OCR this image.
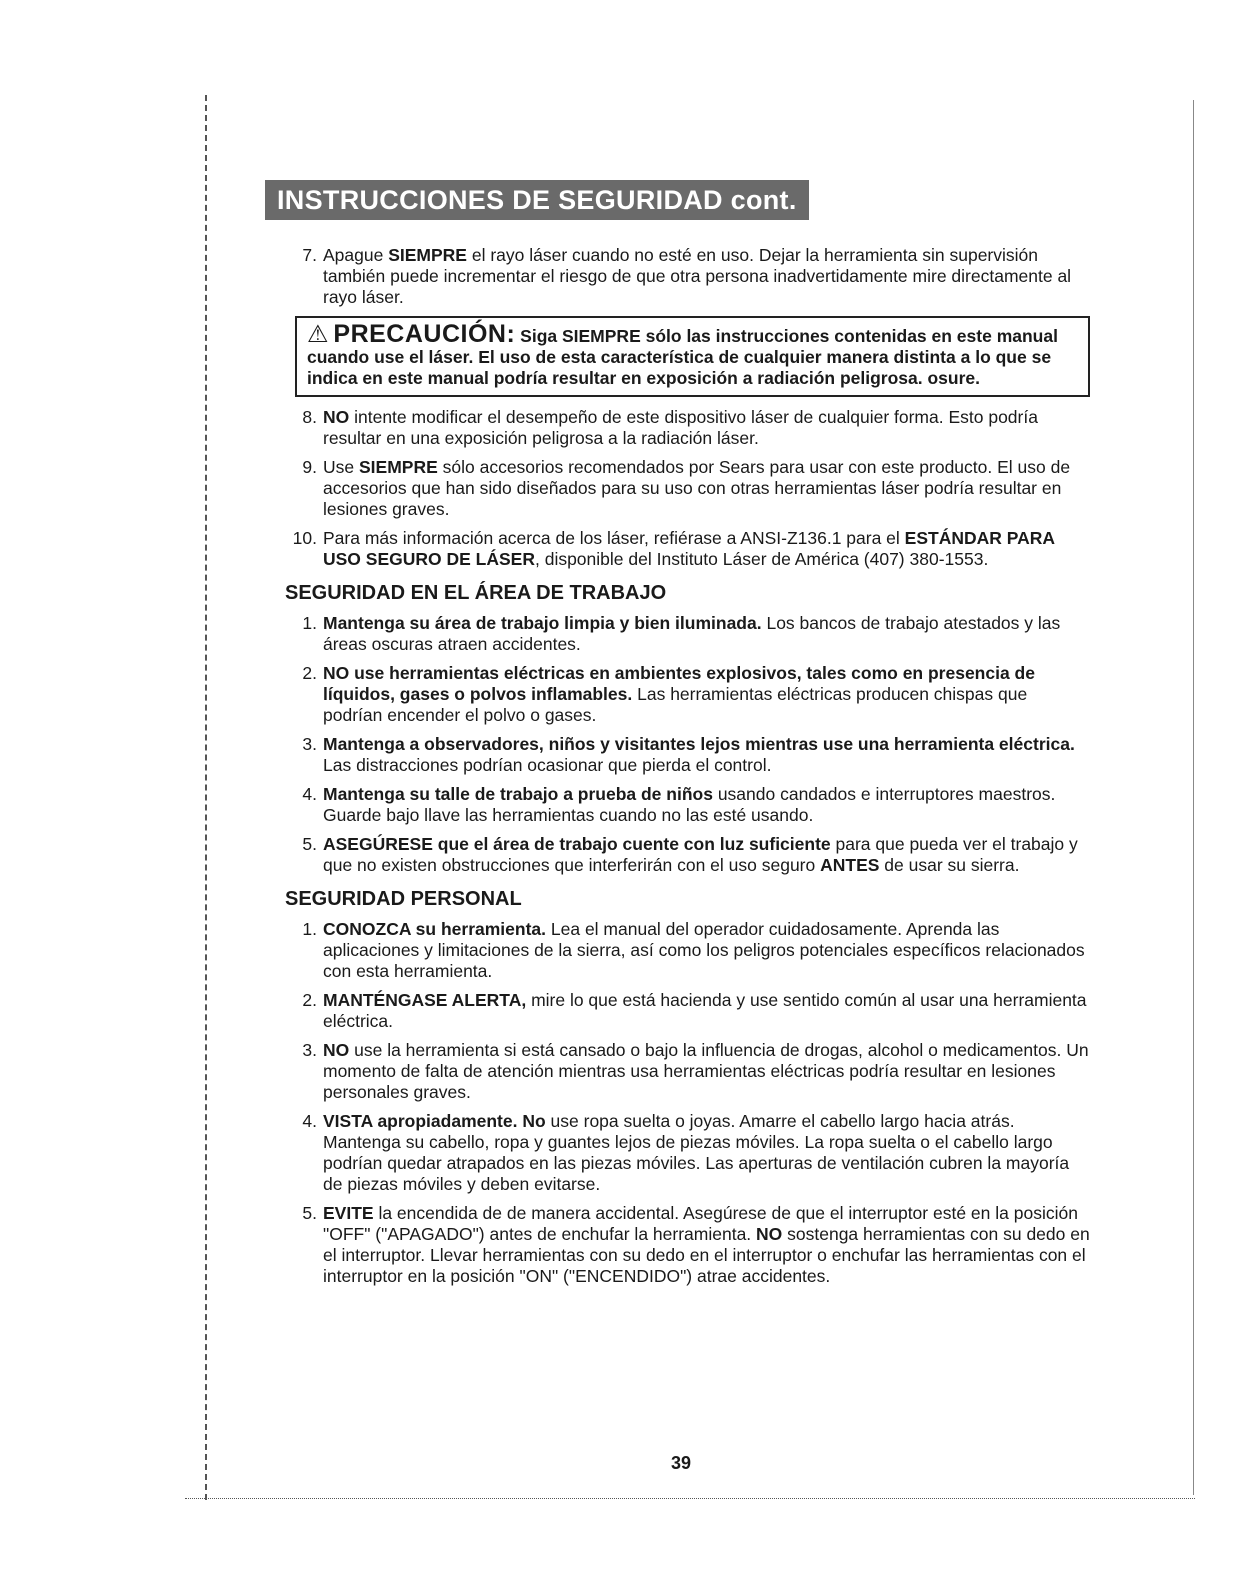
INSTRUCCIONES DE SEGURIDAD cont.
7. Apague SIEMPRE el rayo láser cuando no esté en uso. Dejar la herramienta sin supervisión también puede incrementar el riesgo de que otra persona inadvertidamente mire directamente al rayo láser.
⚠ PRECAUCIÓN: Siga SIEMPRE sólo las instrucciones contenidas en este manual cuando use el láser. El uso de esta característica de cualquier manera distinta a lo que se indica en este manual podría resultar en exposición a radiación peligrosa. osure.
8. NO intente modificar el desempeño de este dispositivo láser de cualquier forma. Esto podría resultar en una exposición peligrosa a la radiación láser.
9. Use SIEMPRE sólo accesorios recomendados por Sears para usar con este producto. El uso de accesorios que han sido diseñados para su uso con otras herramientas láser podría resultar en lesiones graves.
10. Para más información acerca de los láser, refiérase a ANSI-Z136.1 para el ESTÁNDAR PARA USO SEGURO DE LÁSER, disponible del Instituto Láser de América (407) 380-1553.
SEGURIDAD EN EL ÁREA DE TRABAJO
1. Mantenga su área de trabajo limpia y bien iluminada. Los bancos de trabajo atestados y las áreas oscuras atraen accidentes.
2. NO use herramientas eléctricas en ambientes explosivos, tales como en presencia de líquidos, gases o polvos inflamables. Las herramientas eléctricas producen chispas que podrían encender el polvo o gases.
3. Mantenga a observadores, niños y visitantes lejos mientras use una herramienta eléctrica. Las distracciones podrían ocasionar que pierda el control.
4. Mantenga su talle de trabajo a prueba de niños usando candados e interruptores maestros. Guarde bajo llave las herramientas cuando no las esté usando.
5. ASEGÚRESE que el área de trabajo cuente con luz suficiente para que pueda ver el trabajo y que no existen obstrucciones que interferirán con el uso seguro ANTES de usar su sierra.
SEGURIDAD PERSONAL
1. CONOZCA su herramienta. Lea el manual del operador cuidadosamente. Aprenda las aplicaciones y limitaciones de la sierra, así como los peligros potenciales específicos relacionados con esta herramienta.
2. MANTÉNGASE ALERTA, mire lo que está hacienda y use sentido común al usar una herramienta eléctrica.
3. NO use la herramienta si está cansado o bajo la influencia de drogas, alcohol o medicamentos. Un momento de falta de atención mientras usa herramientas eléctricas podría resultar en lesiones personales graves.
4. VISTA apropiadamente. No use ropa suelta o joyas. Amarre el cabello largo hacia atrás. Mantenga su cabello, ropa y guantes lejos de piezas móviles. La ropa suelta o el cabello largo podrían quedar atrapados en las piezas móviles. Las aperturas de ventilación cubren la mayoría de piezas móviles y deben evitarse.
5. EVITE la encendida de de manera accidental. Asegúrese de que el interruptor esté en la posición "OFF" ("APAGADO") antes de enchufar la herramienta. NO sostenga herramientas con su dedo en el interruptor. Llevar herramientas con su dedo en el interruptor o enchufar las herramientas con el interruptor en la posición "ON" ("ENCENDIDO") atrae accidentes.
39
